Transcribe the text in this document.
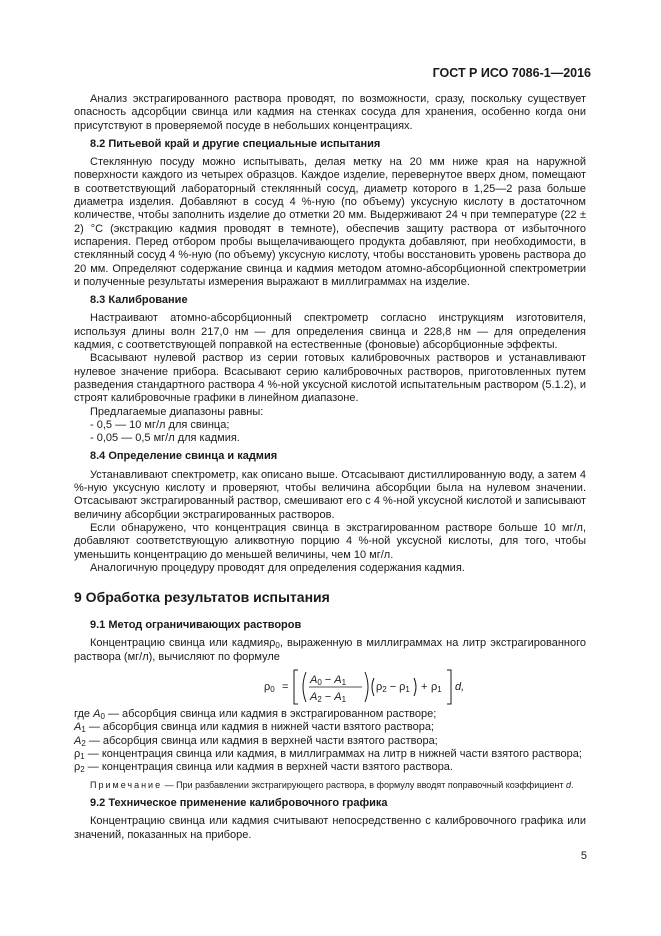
ГОСТ Р ИСО 7086-1—2016

Анализ экстрагированного раствора проводят, по возможности, сразу, поскольку существует опасность адсорбции свинца или кадмия на стенках сосуда для хранения, особенно когда они присутствуют в проверяемой посуде в небольших концентрациях.

8.2 Питьевой край и другие специальные испытания

Стеклянную посуду можно испытывать, делая метку на 20 мм ниже края на наружной поверхности каждого из четырех образцов. Каждое изделие, перевернутое вверх дном, помещают в соответствующий лабораторный стеклянный сосуд, диаметр которого в 1,25—2 раза больше диаметра изделия. Добавляют в сосуд 4 %-ную (по объему) уксусную кислоту в достаточном количестве, чтобы заполнить изделие до отметки 20 мм. Выдерживают 24 ч при температуре (22 ± 2) °С (экстракцию кадмия проводят в темноте), обеспечив защиту раствора от избыточного испарения. Перед отбором пробы выщелачивающего продукта добавляют, при необходимости, в стеклянный сосуд 4 %-ную (по объему) уксусную кислоту, чтобы восстановить уровень раствора до 20 мм. Определяют содержание свинца и кадмия методом атомно-абсорбционной спектрометрии и полученные результаты измерения выражают в миллиграммах на изделие.

8.3 Калибрование

Настраивают атомно-абсорбционный спектрометр согласно инструкциям изготовителя, используя длины волн 217,0 нм — для определения свинца и 228,8 нм — для определения кадмия, с соответствующей поправкой на естественные (фоновые) абсорбционные эффекты.

Всасывают нулевой раствор из серии готовых калибровочных растворов и устанавливают нулевое значение прибора. Всасывают серию калибровочных растворов, приготовленных путем разведения стандартного раствора 4 %-ной уксусной кислотой испытательным раствором (5.1.2), и строят калибровочные графики в линейном диапазоне.

Предлагаемые диапазоны равны:

- 0,5 — 10 мг/л для свинца;

- 0,05 — 0,5 мг/л для кадмия.

8.4 Определение свинца и кадмия

Устанавливают спектрометр, как описано выше. Отсасывают дистиллированную воду, а затем 4 %-ную уксусную кислоту и проверяют, чтобы величина абсорбции была на нулевом значении. Отсасывают экстрагированный раствор, смешивают его с 4 %-ной уксусной кислотой и записывают величину абсорбции экстрагированных растворов.

Если обнаружено, что концентрация свинца в экстрагированном растворе больше 10 мг/л, добавляют соответствующую аликвотную порцию 4 %-ной уксусной кислоты, для того, чтобы уменьшить концентрацию до меньшей величины, чем 10 мг/л.

Аналогичную процедуру проводят для определения содержания кадмия.

9 Обработка результатов испытания
9.1 Метод ограничивающих растворов

Концентрацию свинца или кадмияρ$_0$, выраженную в миллиграммах на литр экстрагированного раствора (мг/л), вычисляют по формуле

ρ0 =
A0 − A1
A2 − A1
ρ2 − ρ1 + ρ1 d,

где $A_0$ — абсорбция свинца или кадмия в экстрагированном растворе;

$A_1$ — абсорбция свинца или кадмия в нижней части взятого раствора;

$A_2$ — абсорбция свинца или кадмия в верхней части взятого раствора;

$\rho_1$ — концентрация свинца или кадмия, в миллиграммах на литр в нижней части взятого раствора;

$\rho_2$ — концентрация свинца или кадмия в верхней части взятого раствора.

Примечание — При разбавлении экстрагирующего раствора, в формулу вводят поправочный коэффициент d.

9.2 Техническое применение калибровочного графика

Концентрацию свинца или кадмия считывают непосредственно с калибровочного графика или значений, показанных на приборе.

5
